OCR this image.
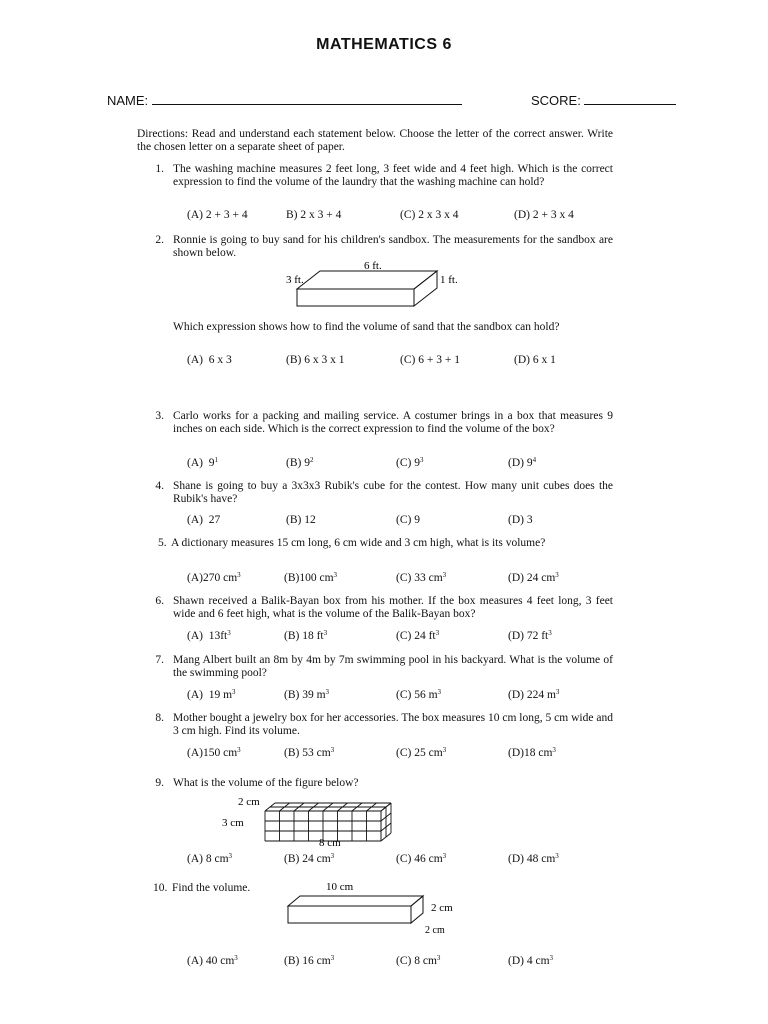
MATHEMATICS 6
NAME:	SCORE:
Directions: Read and understand each statement below. Choose the letter of the correct answer. Write the chosen letter on a separate sheet of paper.
1. The washing machine measures 2 feet long, 3 feet wide and 4 feet high. Which is the correct expression to find the volume of the laundry that the washing machine can hold?
(A) 2 + 3 + 4	B) 2 x 3 + 4	(C) 2 x 3 x 4	(D) 2 + 3 x 4
2. Ronnie is going to buy sand for his children's sandbox. The measurements for the sandbox are shown below.
6 ft.
3 ft.	1 ft.
Which expression shows how to find the volume of sand that the sandbox can hold?
(A) 6 x 3	(B) 6 x 3 x 1	(C) 6 + 3 + 1	(D) 6 x 1
3. Carlo works for a packing and mailing service. A costumer brings in a box that measures 9 inches on each side. Which is the correct expression to find the volume of the box?
(A) $9^1$	(B) $9^2$	(C) $9^3$	(D) $9^4$
4. Shane is going to buy a 3x3x3 Rubik's cube for the contest. How many unit cubes does the Rubik's have?
(A) 27	(B) 12	(C) 9	(D) 3
5. A dictionary measures 15 cm long, 6 cm wide and 3 cm high, what is its volume?
(A)270 $cm^3$	(B)100 $cm^3$	(C) 33 $cm^3$	(D) 24 $cm^3$
6. Shawn received a Balik-Bayan box from his mother. If the box measures 4 feet long, 3 feet wide and 6 feet high, what is the volume of the Balik-Bayan box?
(A) $13ft^3$	(B) 18 $ft^3$	(C) 24 $ft^3$	(D) 72 $ft^3$
7. Mang Albert built an 8m by 4m by 7m swimming pool in his backyard. What is the volume of the swimming pool?
(A) 19 $m^3$	(B) 39 $m^3$	(C) 56 $m^3$	(D) 224 $m^3$
8. Mother bought a jewelry box for her accessories. The box measures 10 cm long, 5 cm wide and 3 cm high. Find its volume.
(A)150 $cm^3$	(B) 53 $cm^3$	(C) 25 $cm^3$	(D)18 $cm^3$
9. What is the volume of the figure below?
2 cm
3 cm
8 cm
(A) 8 $cm^3$	(B) 24 $cm^3$	(C) 46 $cm^3$	(D) 48 $cm^3$
10. Find the volume.	10 cm
2 cm
2 cm
(A) 40 $cm^3$	(B) 16 $cm^3$	(C) 8 $cm^3$	(D) 4 $cm^3$
